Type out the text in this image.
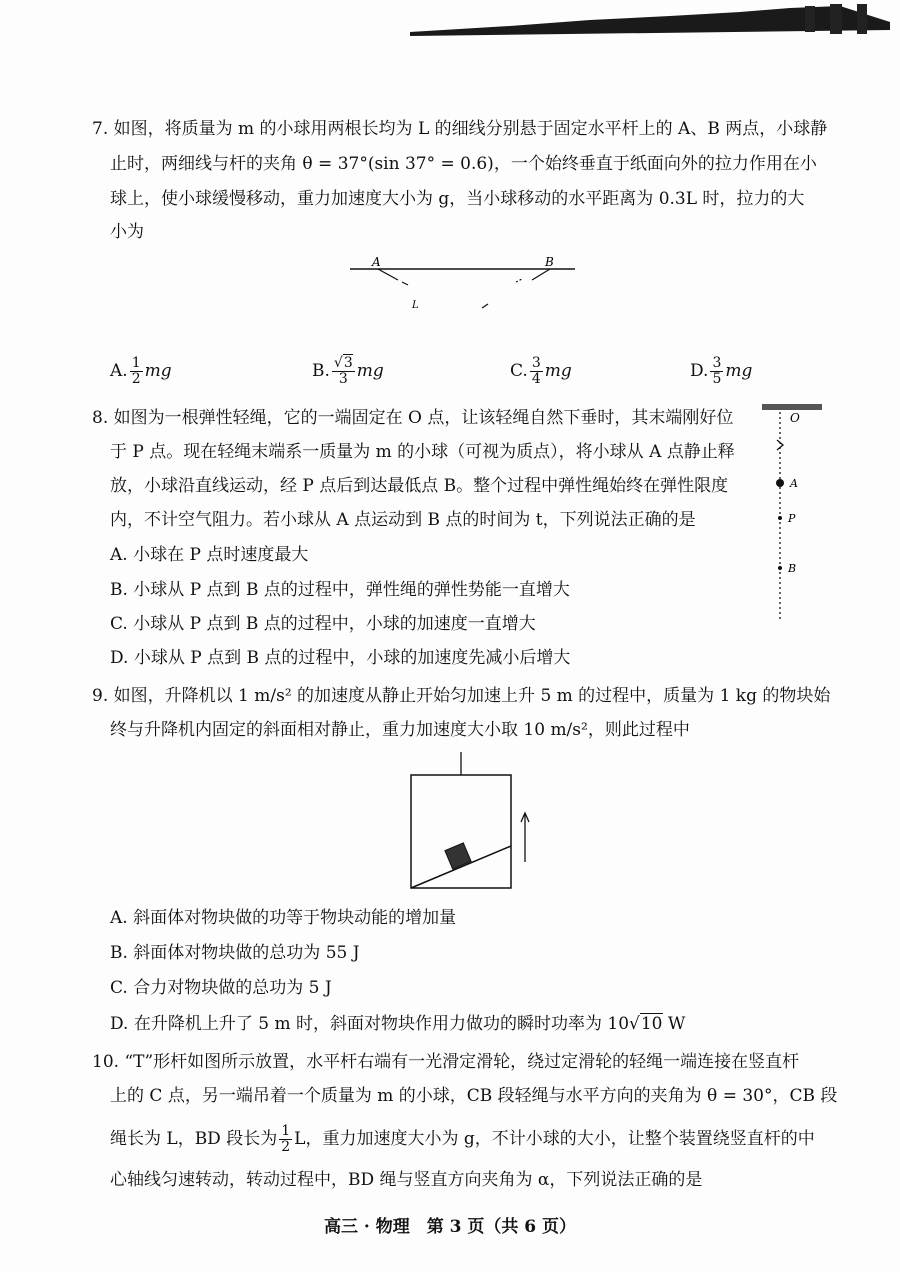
7. 如图，将质量为 m 的小球用两根长均为 L 的细线分别悬于固定水平杆上的 A、B 两点，小球静
止时，两细线与杆的夹角 θ = 37°(sin 37° = 0.6)，一个始终垂直于纸面向外的拉力作用在小
球上，使小球缓慢移动，重力加速度大小为 g，当小球移动的水平距离为 0.3L 时，拉力的大
小为
A	B
L
A. $\frac{1}{2}$ mg	B. $\frac{√3}{3}$ mg	C. $\frac{3}{4}$ mg	D. $\frac{3}{5}$ mg
8. 如图为一根弹性轻绳，它的一端固定在 O 点，让该轻绳自然下垂时，其末端刚好位
于 P 点。现在轻绳末端系一质量为 m 的小球（可视为质点），将小球从 A 点静止释
放，小球沿直线运动，经 P 点后到达最低点 B。整个过程中弹性绳始终在弹性限度
内，不计空气阻力。若小球从 A 点运动到 B 点的时间为 t，下列说法正确的是
A. 小球在 P 点时速度最大
B. 小球从 P 点到 B 点的过程中，弹性绳的弹性势能一直增大
C. 小球从 P 点到 B 点的过程中，小球的加速度一直增大
D. 小球从 P 点到 B 点的过程中，小球的加速度先减小后增大
O
A
P
B
9. 如图，升降机以 1 m/s² 的加速度从静止开始匀加速上升 5 m 的过程中，质量为 1 kg 的物块始
终与升降机内固定的斜面相对静止，重力加速度大小取 10 m/s²，则此过程中
A. 斜面体对物块做的功等于物块动能的增加量
B. 斜面体对物块做的总功为 55 J
C. 合力对物块做的总功为 5 J
D. 在升降机上升了 5 m 时，斜面对物块作用力做功的瞬时功率为 10√10 W
10. “T”形杆如图所示放置，水平杆右端有一光滑定滑轮，绕过定滑轮的轻绳一端连接在竖直杆
上的 C 点，另一端吊着一个质量为 m 的小球，CB 段轻绳与水平方向的夹角为 θ = 30°，CB 段
绳长为 L，BD 段长为 $\frac{1}{2}$ L，重力加速度大小为 g，不计小球的大小，让整个装置绕竖直杆的中
心轴线匀速转动，转动过程中，BD 绳与竖直方向夹角为 α，下列说法正确的是
高三 · 物理　第 3 页（共 6 页）
